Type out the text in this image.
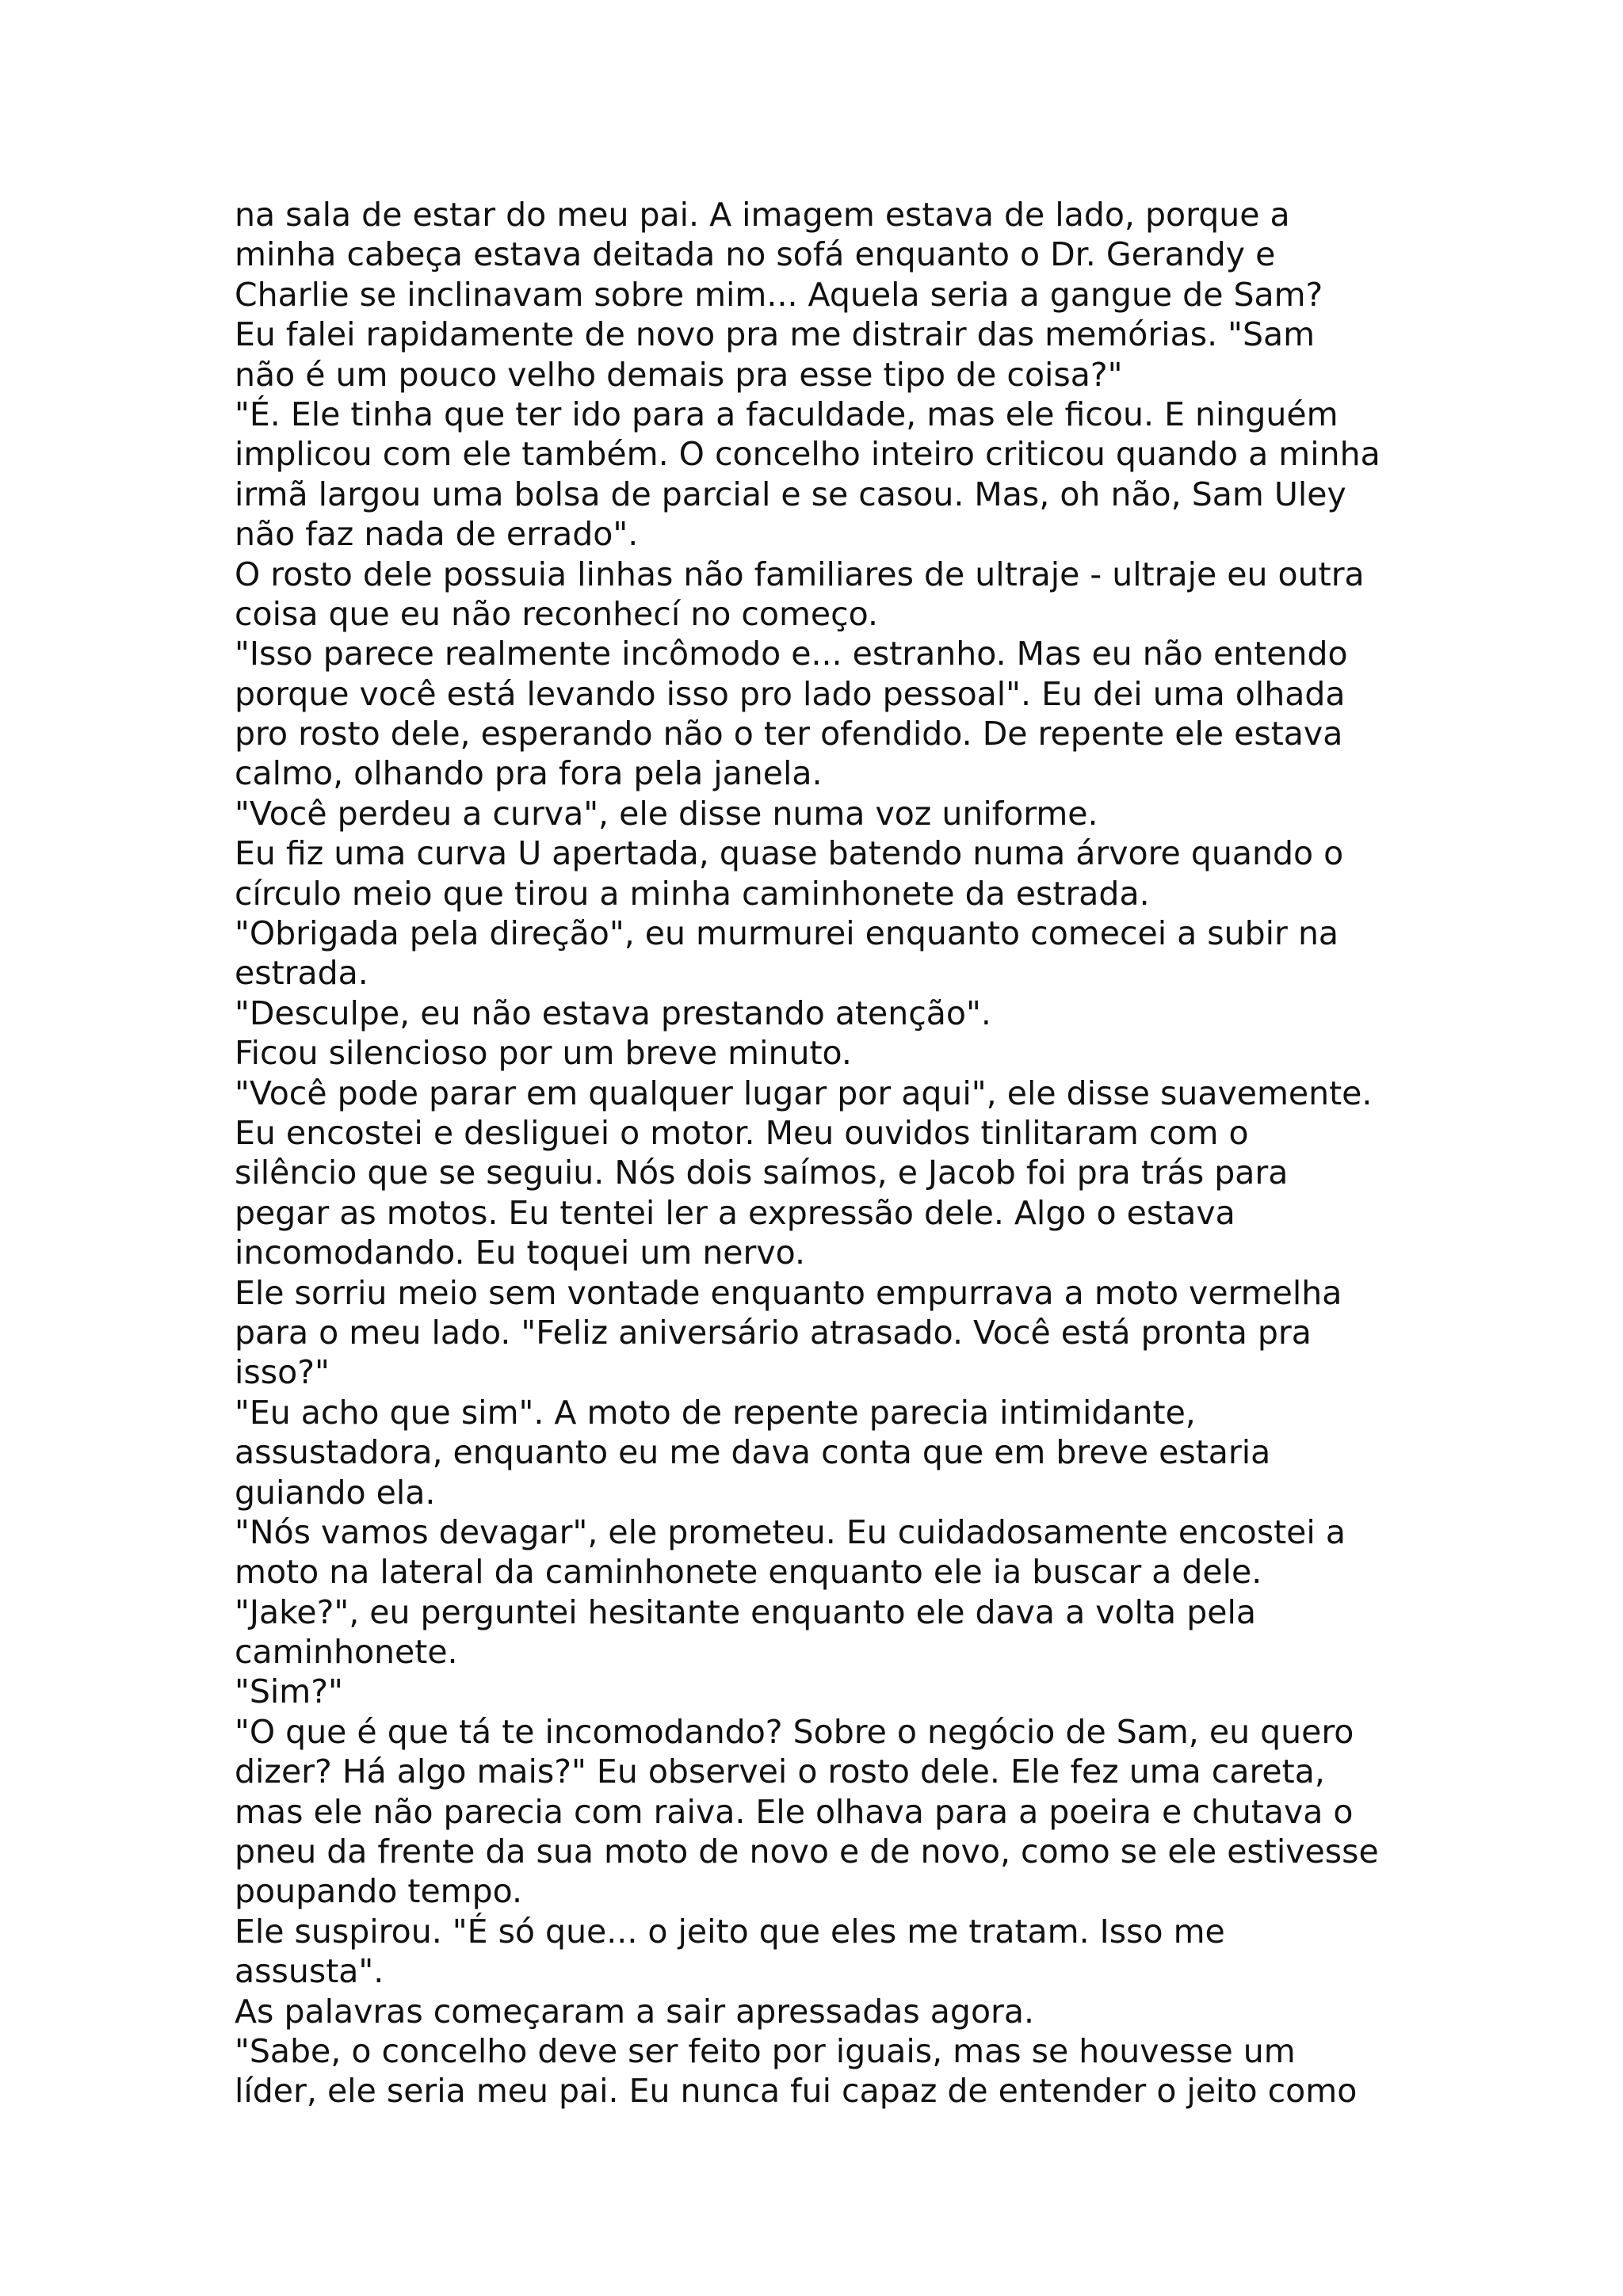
na sala de estar do meu pai. A imagem estava de lado, porque a
minha cabeça estava deitada no sofá enquanto o Dr. Gerandy e
Charlie se inclinavam sobre mim... Aquela seria a gangue de Sam?
Eu falei rapidamente de novo pra me distrair das memórias. "Sam
não é um pouco velho demais pra esse tipo de coisa?"
"É. Ele tinha que ter ido para a faculdade, mas ele ficou. E ninguém
implicou com ele também. O concelho inteiro criticou quando a minha
irmã largou uma bolsa de parcial e se casou. Mas, oh não, Sam Uley
não faz nada de errado".
O rosto dele possuia linhas não familiares de ultraje - ultraje eu outra
coisa que eu não reconhecí no começo.
"Isso parece realmente incômodo e... estranho. Mas eu não entendo
porque você está levando isso pro lado pessoal". Eu dei uma olhada
pro rosto dele, esperando não o ter ofendido. De repente ele estava
calmo, olhando pra fora pela janela.
"Você perdeu a curva", ele disse numa voz uniforme.
Eu fiz uma curva U apertada, quase batendo numa árvore quando o
círculo meio que tirou a minha caminhonete da estrada.
"Obrigada pela direção", eu murmurei enquanto comecei a subir na
estrada.
"Desculpe, eu não estava prestando atenção".
Ficou silencioso por um breve minuto.
"Você pode parar em qualquer lugar por aqui", ele disse suavemente.
Eu encostei e desliguei o motor. Meu ouvidos tinlitaram com o
silêncio que se seguiu. Nós dois saímos, e Jacob foi pra trás para
pegar as motos. Eu tentei ler a expressão dele. Algo o estava
incomodando. Eu toquei um nervo.
Ele sorriu meio sem vontade enquanto empurrava a moto vermelha
para o meu lado. "Feliz aniversário atrasado. Você está pronta pra
isso?"
"Eu acho que sim". A moto de repente parecia intimidante,
assustadora, enquanto eu me dava conta que em breve estaria
guiando ela.
"Nós vamos devagar", ele prometeu. Eu cuidadosamente encostei a
moto na lateral da caminhonete enquanto ele ia buscar a dele.
"Jake?", eu perguntei hesitante enquanto ele dava a volta pela
caminhonete.
"Sim?"
"O que é que tá te incomodando? Sobre o negócio de Sam, eu quero
dizer? Há algo mais?" Eu observei o rosto dele. Ele fez uma careta,
mas ele não parecia com raiva. Ele olhava para a poeira e chutava o
pneu da frente da sua moto de novo e de novo, como se ele estivesse
poupando tempo.
Ele suspirou. "É só que... o jeito que eles me tratam. Isso me
assusta".
As palavras começaram a sair apressadas agora.
"Sabe, o concelho deve ser feito por iguais, mas se houvesse um
líder, ele seria meu pai. Eu nunca fui capaz de entender o jeito como
